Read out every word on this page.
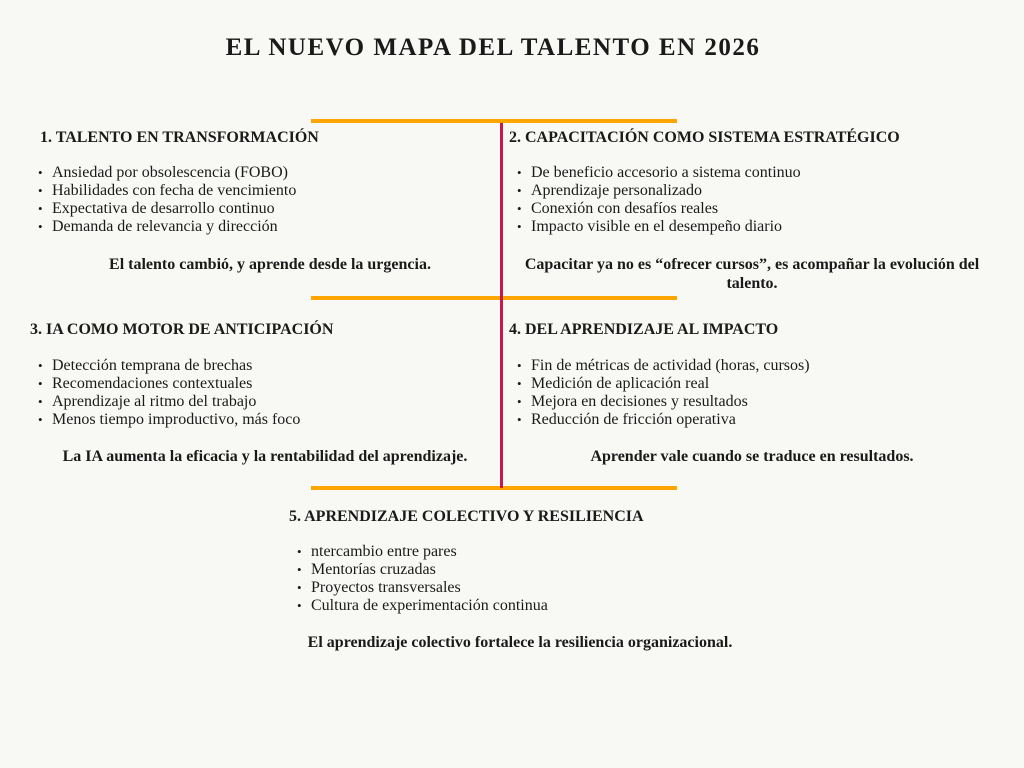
EL NUEVO MAPA DEL TALENTO EN 2026
1. TALENTO EN TRANSFORMACIÓN
• Ansiedad por obsolescencia (FOBO)
• Habilidades con fecha de vencimiento
• Expectativa de desarrollo continuo
• Demanda de relevancia y dirección
El talento cambió, y aprende desde la urgencia.
2. CAPACITACIÓN COMO SISTEMA ESTRATÉGICO
• De beneficio accesorio a sistema continuo
• Aprendizaje personalizado
• Conexión con desafíos reales
• Impacto visible en el desempeño diario
Capacitar ya no es “ofrecer cursos”, es acompañar la evolución del talento.
3. IA COMO MOTOR DE ANTICIPACIÓN
• Detección temprana de brechas
• Recomendaciones contextuales
• Aprendizaje al ritmo del trabajo
• Menos tiempo improductivo, más foco
La IA aumenta la eficacia y la rentabilidad del aprendizaje.
4. DEL APRENDIZAJE AL IMPACTO
• Fin de métricas de actividad (horas, cursos)
• Medición de aplicación real
• Mejora en decisiones y resultados
• Reducción de fricción operativa
Aprender vale cuando se traduce en resultados.
5. APRENDIZAJE COLECTIVO Y RESILIENCIA
• ntercambio entre pares
• Mentorías cruzadas
• Proyectos transversales
• Cultura de experimentación continua
El aprendizaje colectivo fortalece la resiliencia organizacional.
